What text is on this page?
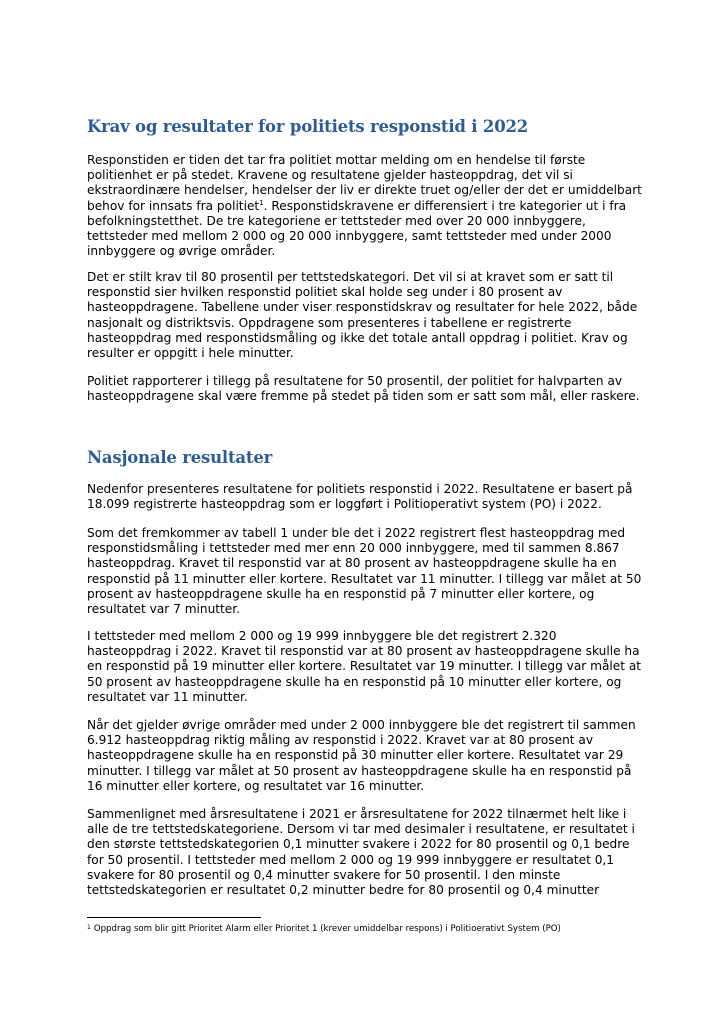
Krav og resultater for politiets responstid i 2022

Responstiden er tiden det tar fra politiet mottar melding om en hendelse til første politienhet er på stedet. Kravene og resultatene gjelder hasteoppdrag, det vil si ekstraordinære hendelser, hendelser der liv er direkte truet og/eller der det er umiddelbart behov for innsats fra politiet$^1$. Responstidskravene er differensiert i tre kategorier ut i fra befolkningstetthet. De tre kategoriene er tettsteder med over 20 000 innbyggere, tettsteder med mellom 2 000 og 20 000 innbyggere, samt tettsteder med under 2000 innbyggere og øvrige områder.

Det er stilt krav til 80 prosentil per tettstedskategori. Det vil si at kravet som er satt til responstid sier hvilken responstid politiet skal holde seg under i 80 prosent av hasteoppdragene. Tabellene under viser responstidskrav og resultater for hele 2022, både nasjonalt og distriktsvis. Oppdragene som presenteres i tabellene er registrerte hasteoppdrag med responstidsmåling og ikke det totale antall oppdrag i politiet. Krav og resulter er oppgitt i hele minutter.

Politiet rapporterer i tillegg på resultatene for 50 prosentil, der politiet for halvparten av hasteoppdragene skal være fremme på stedet på tiden som er satt som mål, eller raskere.

Nasjonale resultater

Nedenfor presenteres resultatene for politiets responstid i 2022. Resultatene er basert på 18.099 registrerte hasteoppdrag som er loggført i Politioperativt system (PO) i 2022.

Som det fremkommer av tabell 1 under ble det i 2022 registrert flest hasteoppdrag med responstidsmåling i tettsteder med mer enn 20 000 innbyggere, med til sammen 8.867 hasteoppdrag. Kravet til responstid var at 80 prosent av hasteoppdragene skulle ha en responstid på 11 minutter eller kortere. Resultatet var 11 minutter. I tillegg var målet at 50 prosent av hasteoppdragene skulle ha en responstid på 7 minutter eller kortere, og resultatet var 7 minutter.

I tettsteder med mellom 2 000 og 19 999 innbyggere ble det registrert 2.320 hasteoppdrag i 2022. Kravet til responstid var at 80 prosent av hasteoppdragene skulle ha en responstid på 19 minutter eller kortere. Resultatet var 19 minutter. I tillegg var målet at 50 prosent av hasteoppdragene skulle ha en responstid på 10 minutter eller kortere, og resultatet var 11 minutter.

Når det gjelder øvrige områder med under 2 000 innbyggere ble det registrert til sammen 6.912 hasteoppdrag riktig måling av responstid i 2022. Kravet var at 80 prosent av hasteoppdragene skulle ha en responstid på 30 minutter eller kortere. Resultatet var 29 minutter. I tillegg var målet at 50 prosent av hasteoppdragene skulle ha en responstid på 16 minutter eller kortere, og resultatet var 16 minutter.

Sammenlignet med årsresultatene i 2021 er årsresultatene for 2022 tilnærmet helt like i alle de tre tettstedskategoriene. Dersom vi tar med desimaler i resultatene, er resultatet i den største tettstedskategorien 0,1 minutter svakere i 2022 for 80 prosentil og 0,1 bedre for 50 prosentil. I tettsteder med mellom 2 000 og 19 999 innbyggere er resultatet 0,1 svakere for 80 prosentil og 0,4 minutter svakere for 50 prosentil. I den minste tettstedskategorien er resultatet 0,2 minutter bedre for 80 prosentil og 0,4 minutter

$^1$ Oppdrag som blir gitt Prioritet Alarm eller Prioritet 1 (krever umiddelbar respons) i Politioerativt System (PO)
